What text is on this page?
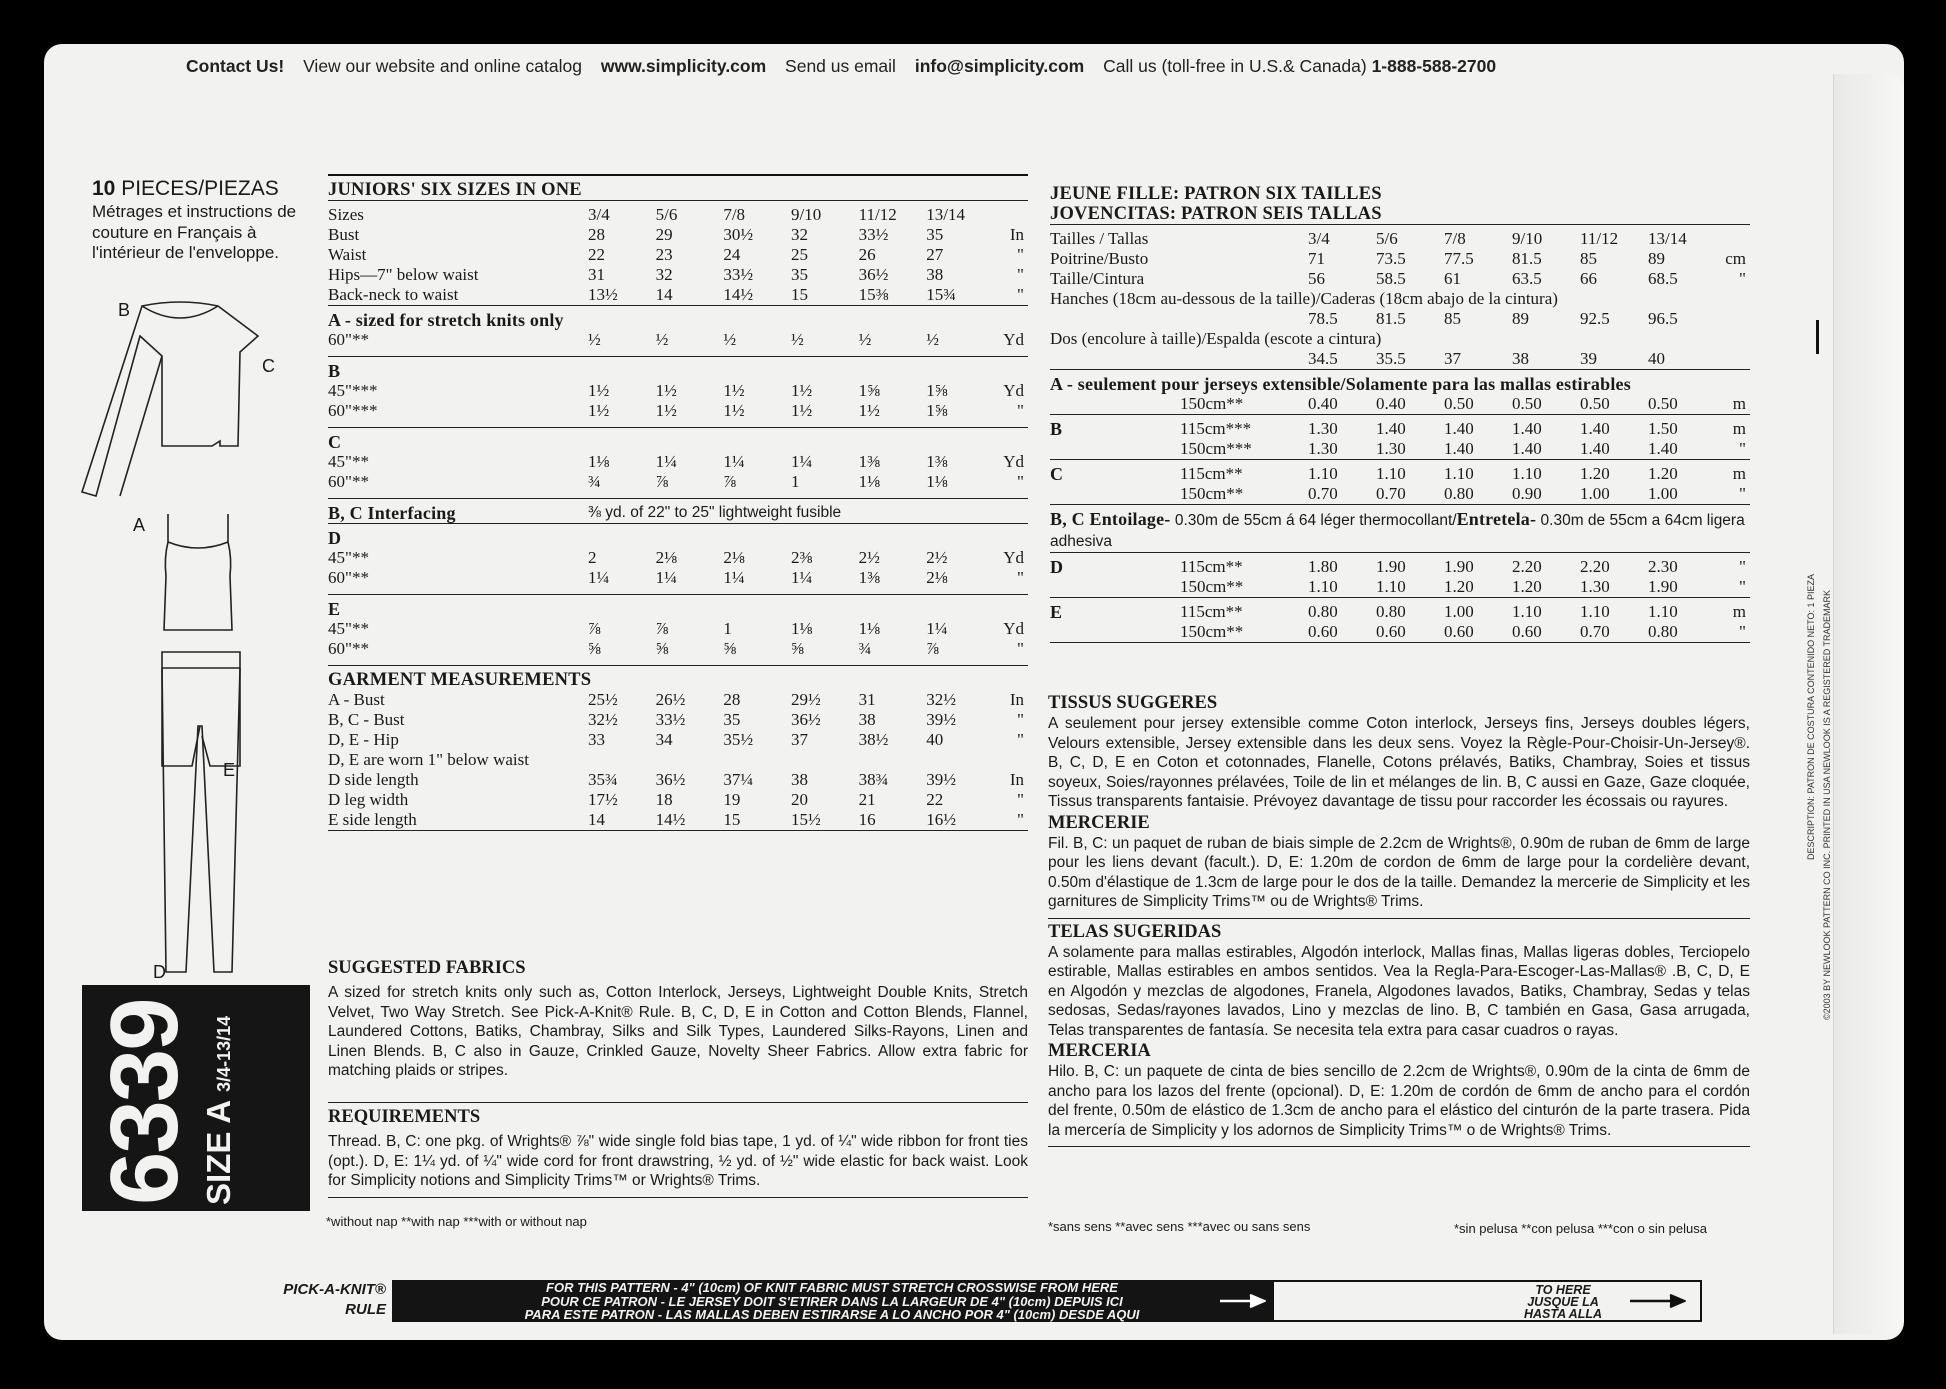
Contact Us! View our website and online catalog www.simplicity.com Send us email info@simplicity.com Call us (toll-free in U.S.& Canada) 1-888-588-2700
10 PIECES/PIEZAS
Métrages et instructions de couture en Français à l'intérieur de l'enveloppe.
B
C
A
E
D
6339 SIZE A 3/4-13/14
JUNIORS' SIX SIZES IN ONE							
Sizes	3/4	5/6	7/8	9/10	11/12	13/14	
Bust	28	29	30½	32	33½	35	In
Waist	22	23	24	25	26	27	"
Hips—7" below waist	31	32	33½	35	36½	38	"
Back-neck to waist	13½	14	14½	15	15⅜	15¾	"
A - sized for stretch knits only							
60"**	½	½	½	½	½	½	Yd

B							
45"***	1½	1½	1½	1½	1⅝	1⅝	Yd
60"***	1½	1½	1½	1½	1½	1⅝	"

C							
45"**	1⅛	1¼	1¼	1¼	1⅜	1⅜	Yd
60"**	¾	⅞	⅞	1	1⅛	1⅛	"

B, C Interfacing	⅜ yd. of 22" to 25" lightweight fusible						
D							
45"**	2	2⅛	2⅛	2⅜	2½	2½	Yd
60"**	1¼	1¼	1¼	1¼	1⅜	2⅛	"

E							
45"**	⅞	⅞	1	1⅛	1⅛	1¼	Yd
60"**	⅝	⅝	⅝	⅝	¾	⅞	"

GARMENT MEASUREMENTS							
A - Bust	25½	26½	28	29½	31	32½	In
B, C - Bust	32½	33½	35	36½	38	39½	"
D, E - Hip	33	34	35½	37	38½	40	"
D, E are worn 1" below waist							
D side length	35¾	36½	37¼	38	38¾	39½	In
D leg width	17½	18	19	20	21	22	"
E side length	14	14½	15	15½	16	16½	"
SUGGESTED FABRICS
A sized for stretch knits only such as, Cotton Interlock, Jerseys, Lightweight Double Knits, Stretch Velvet, Two Way Stretch. See Pick-A-Knit® Rule. B, C, D, E in Cotton and Cotton Blends, Flannel, Laundered Cottons, Batiks, Chambray, Silks and Silk Types, Laundered Silks-Rayons, Linen and Linen Blends. B, C also in Gauze, Crinkled Gauze, Novelty Sheer Fabrics. Allow extra fabric for matching plaids or stripes.
REQUIREMENTS
Thread. B, C: one pkg. of Wrights® ⅞" wide single fold bias tape, 1 yd. of ¼" wide ribbon for front ties (opt.). D, E: 1¼ yd. of ¼" wide cord for front drawstring, ½ yd. of ½" wide elastic for back waist. Look for Simplicity notions and Simplicity Trims™ or Wrights® Trims.
*without nap **with nap ***with or without nap
JEUNE FILLE: PATRON SIX TAILLES
JOVENCITAS: PATRON SEIS TALLAS
Tailles / Tallas	3/4	5/6	7/8	9/10	11/12	13/14	
Poitrine/Busto	71	73.5	77.5	81.5	85	89	cm
Taille/Cintura	56	58.5	61	63.5	66	68.5	"
Hanches (18cm au-dessous de la taille)/Caderas (18cm abajo de la cintura)							
	78.5	81.5	85	89	92.5	96.5	
Dos (encolure à taille)/Espalda (escote a cintura)							
	34.5	35.5	37	38	39	40	
A - seulement pour jerseys extensible/Solamente para las mallas estirables							
150cm**	0.40	0.40	0.50	0.50	0.50	0.50	m

B 115cm***	1.30	1.40	1.40	1.40	1.40	1.50	m
150cm***	1.30	1.30	1.40	1.40	1.40	1.40	"

C 115cm**	1.10	1.10	1.10	1.10	1.20	1.20	m
150cm**	0.70	0.70	0.80	0.90	1.00	1.00	"
B, C Entoilage- 0.30m de 55cm á 64 léger thermocollant/Entretela- 0.30m de 55cm a 64cm ligera adhesiva							

D 115cm**	1.80	1.90	1.90	2.20	2.20	2.30	"
150cm**	1.10	1.10	1.20	1.20	1.30	1.90	"

E 115cm**	0.80	0.80	1.00	1.10	1.10	1.10	m
150cm**	0.60	0.60	0.60	0.60	0.70	0.80	"
TISSUS SUGGERES
A seulement pour jersey extensible comme Coton interlock, Jerseys fins, Jerseys doubles légers, Velours extensible, Jersey extensible dans les deux sens. Voyez la Règle-Pour-Choisir-Un-Jersey®. B, C, D, E en Coton et cotonnades, Flanelle, Cotons prélavés, Batiks, Chambray, Soies et tissus soyeux, Soies/rayonnes prélavées, Toile de lin et mélanges de lin. B, C aussi en Gaze, Gaze cloquée, Tissus transparents fantaisie. Prévoyez davantage de tissu pour raccorder les écossais ou rayures.
MERCERIE
Fil. B, C: un paquet de ruban de biais simple de 2.2cm de Wrights®, 0.90m de ruban de 6mm de large pour les liens devant (facult.). D, E: 1.20m de cordon de 6mm de large pour la cordelière devant, 0.50m d'élastique de 1.3cm de large pour le dos de la taille. Demandez la mercerie de Simplicity et les garnitures de Simplicity Trims™ ou de Wrights® Trims.
TELAS SUGERIDAS
A solamente para mallas estirables, Algodón interlock, Mallas finas, Mallas ligeras dobles, Terciopelo estirable, Mallas estirables en ambos sentidos. Vea la Regla-Para-Escoger-Las-Mallas® .B, C, D, E en Algodón y mezclas de algodones, Franela, Algodones lavados, Batiks, Chambray, Sedas y telas sedosas, Sedas/rayones lavados, Lino y mezclas de lino. B, C también en Gasa, Gasa arrugada, Telas transparentes de fantasía. Se necesita tela extra para casar cuadros o rayas.
MERCERIA
Hilo. B, C: un paquete de cinta de bies sencillo de 2.2cm de Wrights®, 0.90m de la cinta de 6mm de ancho para los lazos del frente (opcional). D, E: 1.20m de cordón de 6mm de ancho para el cordón del frente, 0.50m de elástico de 1.3cm de ancho para el elástico del cinturón de la parte trasera. Pida la mercería de Simplicity y los adornos de Simplicity Trims™ o de Wrights® Trims.
*sans sens **avec sens ***avec ou sans sens	*sin pelusa **con pelusa ***con o sin pelusa
PICK-A-KNIT®
RULE
FOR THIS PATTERN - 4" (10cm) OF KNIT FABRIC MUST STRETCH CROSSWISE FROM HERE
POUR CE PATRON - LE JERSEY DOIT S'ETIRER DANS LA LARGEUR DE 4" (10cm) DEPUIS ICI
PARA ESTE PATRON - LAS MALLAS DEBEN ESTIRARSE A LO ANCHO POR 4" (10cm) DESDE AQUI
TO HERE
JUSQUE LA
HASTA ALLA
©2003 BY NEWLOOK PATTERN CO INC. PRINTED IN USA NEWLOOK IS A REGISTERED TRADEMARK
DESCRIPTION: PATRON DE COSTURA CONTENIDO NETO: 1 PIEZA
